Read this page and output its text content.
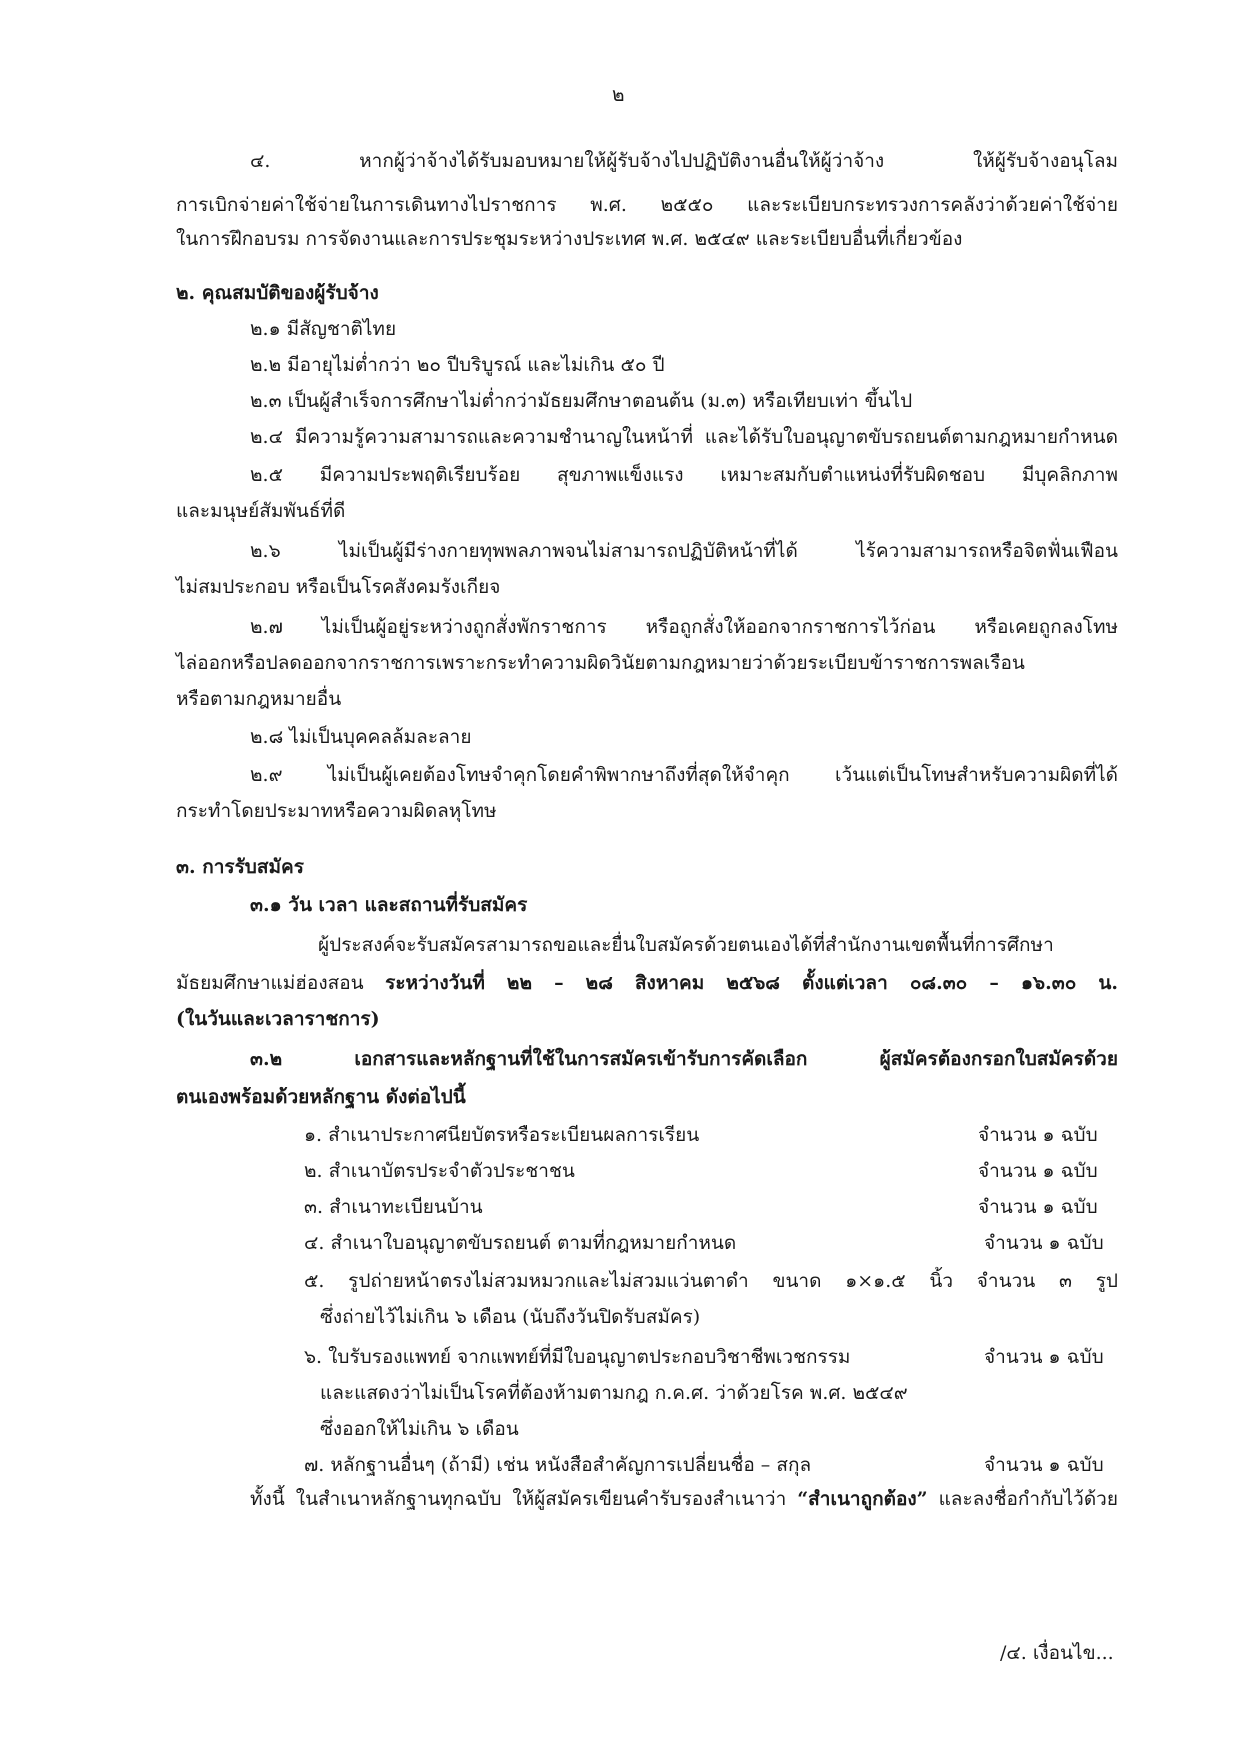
๒
๔. หากผู้ว่าจ้างได้รับมอบหมายให้ผู้รับจ้างไปปฏิบัติงานอื่นให้ผู้ว่าจ้าง ให้ผู้รับจ้างอนุโลม
การเบิกจ่ายค่าใช้จ่ายในการเดินทางไปราชการ พ.ศ. ๒๕๕๐ และระเบียบกระทรวงการคลังว่าด้วยค่าใช้จ่าย
ในการฝึกอบรม การจัดงานและการประชุมระหว่างประเทศ พ.ศ. ๒๕๔๙ และระเบียบอื่นที่เกี่ยวข้อง
๒. คุณสมบัติของผู้รับจ้าง
๒.๑ มีสัญชาติไทย
๒.๒ มีอายุไม่ต่ำกว่า ๒๐ ปีบริบูรณ์ และไม่เกิน ๕๐ ปี
๒.๓ เป็นผู้สำเร็จการศึกษาไม่ต่ำกว่ามัธยมศึกษาตอนต้น (ม.๓) หรือเทียบเท่า ขึ้นไป
๒.๔ มีความรู้ความสามารถและความชำนาญในหน้าที่ และได้รับใบอนุญาตขับรถยนต์ตามกฎหมายกำหนด
๒.๕ มีความประพฤติเรียบร้อย สุขภาพแข็งแรง เหมาะสมกับตำแหน่งที่รับผิดชอบ มีบุคลิกภาพ
และมนุษย์สัมพันธ์ที่ดี
๒.๖ ไม่เป็นผู้มีร่างกายทุพพลภาพจนไม่สามารถปฏิบัติหน้าที่ได้ ไร้ความสามารถหรือจิตฟั่นเฟือน
ไม่สมประกอบ หรือเป็นโรคสังคมรังเกียจ
๒.๗ ไม่เป็นผู้อยู่ระหว่างถูกสั่งพักราชการ หรือถูกสั่งให้ออกจากราชการไว้ก่อน หรือเคยถูกลงโทษ
ไล่ออกหรือปลดออกจากราชการเพราะกระทำความผิดวินัยตามกฎหมายว่าด้วยระเบียบข้าราชการพลเรือน
หรือตามกฎหมายอื่น
๒.๘ ไม่เป็นบุคคลล้มละลาย
๒.๙ ไม่เป็นผู้เคยต้องโทษจำคุกโดยคำพิพากษาถึงที่สุดให้จำคุก เว้นแต่เป็นโทษสำหรับความผิดที่ได้
กระทำโดยประมาทหรือความผิดลหุโทษ
๓. การรับสมัคร
๓.๑ วัน เวลา และสถานที่รับสมัคร
ผู้ประสงค์จะรับสมัครสามารถขอและยื่นใบสมัครด้วยตนเองได้ที่สำนักงานเขตพื้นที่การศึกษา
มัธยมศึกษาแม่ฮ่องสอน ระหว่างวันที่ ๒๒ – ๒๘ สิงหาคม ๒๕๖๘ ตั้งแต่เวลา ๐๘.๓๐ – ๑๖.๓๐ น.
(ในวันและเวลาราชการ)
๓.๒ เอกสารและหลักฐานที่ใช้ในการสมัครเข้ารับการคัดเลือก ผู้สมัครต้องกรอกใบสมัครด้วย
ตนเองพร้อมด้วยหลักฐาน ดังต่อไปนี้
๑. สำเนาประกาศนียบัตรหรือระเบียนผลการเรียน	จำนวน ๑ ฉบับ
๒. สำเนาบัตรประจำตัวประชาชน	จำนวน ๑ ฉบับ
๓. สำเนาทะเบียนบ้าน	จำนวน ๑ ฉบับ
๔. สำเนาใบอนุญาตขับรถยนต์ ตามที่กฎหมายกำหนด	จำนวน ๑ ฉบับ
๕. รูปถ่ายหน้าตรงไม่สวมหมวกและไม่สวมแว่นตาดำ ขนาด ๑×๑.๕ นิ้ว จำนวน ๓ รูป
ซึ่งถ่ายไว้ไม่เกิน ๖ เดือน (นับถึงวันปิดรับสมัคร)
๖. ใบรับรองแพทย์ จากแพทย์ที่มีใบอนุญาตประกอบวิชาชีพเวชกรรม	จำนวน ๑ ฉบับ
และแสดงว่าไม่เป็นโรคที่ต้องห้ามตามกฎ ก.ค.ศ. ว่าด้วยโรค พ.ศ. ๒๕๔๙
ซึ่งออกให้ไม่เกิน ๖ เดือน
๗. หลักฐานอื่นๆ (ถ้ามี) เช่น หนังสือสำคัญการเปลี่ยนชื่อ – สกุล	จำนวน ๑ ฉบับ
ทั้งนี้ ในสำเนาหลักฐานทุกฉบับ ให้ผู้สมัครเขียนคำรับรองสำเนาว่า “สำเนาถูกต้อง” และลงชื่อกำกับไว้ด้วย
/๔. เงื่อนไข...
